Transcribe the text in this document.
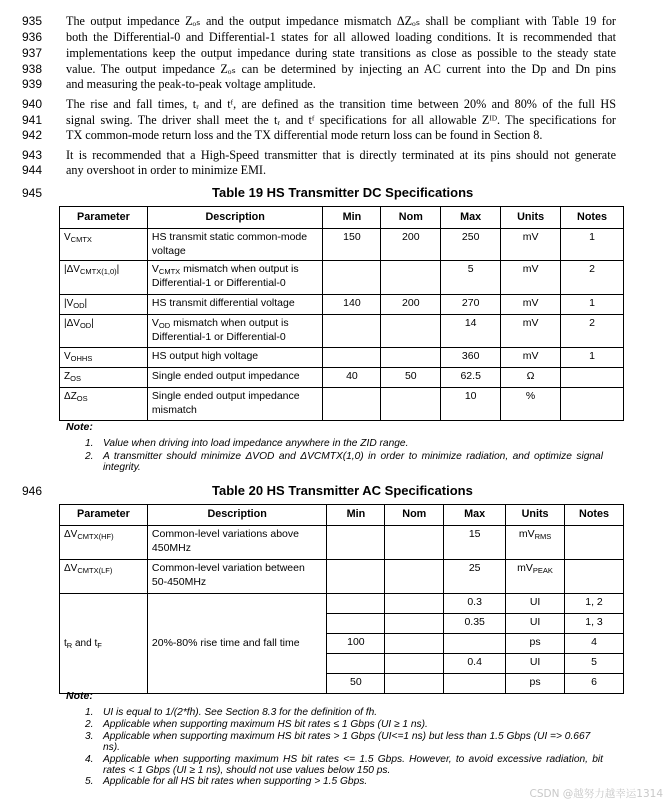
935	The output impedance Zₒₛ and the output impedance mismatch ΔZₒₛ shall be compliant with Table 19 for
936	both the Differential-0 and Differential-1 states for all allowed loading conditions. It is recommended that
937	implementations keep the output impedance during state transitions as close as possible to the steady state
938	value. The output impedance Zₒₛ can be determined by injecting an AC current into the Dp and Dn pins
939	and measuring the peak-to-peak voltage amplitude.
940	The rise and fall times, tᵣ and tᶠ, are defined as the transition time between 20% and 80% of the full HS
941	signal swing. The driver shall meet the tᵣ and tᶠ specifications for all allowable Zᴵᴰ. The specifications for
942	TX common-mode return loss and the TX differential mode return loss can be found in Section 8.
943	It is recommended that a High-Speed transmitter that is directly terminated at its pins should not generate
944	any overshoot in order to minimize EMI.
945	Table 19 HS Transmitter DC Specifications
Parameter	Description	Min	Nom	Max	Units	Notes
$V_{CMTX}$	HS transmit static common-mode voltage	150	200	250	mV	1
$|\Delta V_{CMTX(1,0)}|$	$V_{CMTX}$ mismatch when output is Differential-1 or Differential-0			5	mV	2
$|V_{OD}|$	HS transmit differential voltage	140	200	270	mV	1
$|\Delta V_{OD}|$	$V_{OD}$ mismatch when output is Differential-1 or Differential-0			14	mV	2
$V_{OHHS}$	HS output high voltage			360	mV	1
$Z_{OS}$	Single ended output impedance	40	50	62.5	Ω	
$\Delta Z_{OS}$	Single ended output impedance mismatch			10	%	
Note:
1. Value when driving into load impedance anywhere in the ZID range.
2. A transmitter should minimize ΔVOD and ΔVCMTX(1,0) in order to minimize radiation, and optimize signal integrity.
946	Table 20 HS Transmitter AC Specifications
Parameter	Description	Min	Nom	Max	Units	Notes
$\Delta V_{CMTX(HF)}$	Common-level variations above 450MHz			15	$mV_{RMS}$	
$\Delta V_{CMTX(LF)}$	Common-level variation between 50-450MHz			25	$mV_{PEAK}$	
$t_R$ and $t_F$	20%-80% rise time and fall time			0.3	UI	1, 2
				0.35	UI	1, 3
		100			ps	4
				0.4	UI	5
		50			ps	6
Note:
1. UI is equal to 1/(2*fh). See Section 8.3 for the definition of fh.
2. Applicable when supporting maximum HS bit rates ≤ 1 Gbps (UI ≥ 1 ns).
3. Applicable when supporting maximum HS bit rates > 1 Gbps (UI<=1 ns) but less than 1.5 Gbps (UI => 0.667 ns).
4. Applicable when supporting maximum HS bit rates <= 1.5 Gbps. However, to avoid excessive radiation, bit rates < 1 Gbps (UI ≥ 1 ns), should not use values below 150 ps.
5. Applicable for all HS bit rates when supporting > 1.5 Gbps.
CSDN @越努力越幸运1314
